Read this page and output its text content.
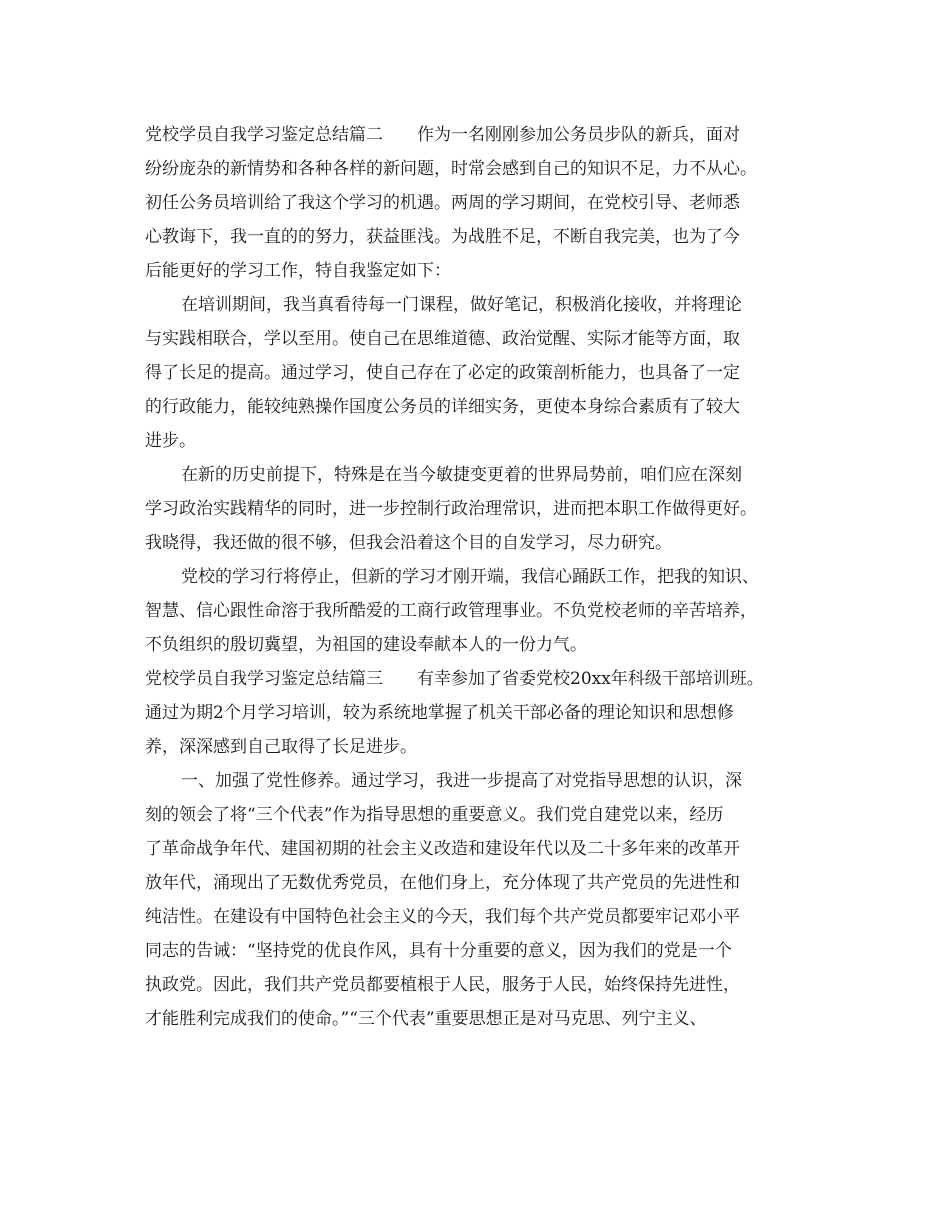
党校学员自我学习鉴定总结篇二　　作为一名刚刚参加公务员步队的新兵，面对
纷纷庞杂的新情势和各种各样的新问题，时常会感到自己的知识不足，力不从心。
初任公务员培训给了我这个学习的机遇。两周的学习期间，在党校引导、老师悉
心教诲下，我一直的的努力，获益匪浅。为战胜不足，不断自我完美，也为了今
后能更好的学习工作，特自我鉴定如下：
在培训期间，我当真看待每一门课程，做好笔记，积极消化接收，并将理论
与实践相联合，学以至用。使自己在思维道德、政治觉醒、实际才能等方面，取
得了长足的提高。通过学习，使自己存在了必定的政策剖析能力，也具备了一定
的行政能力，能较纯熟操作国度公务员的详细实务，更使本身综合素质有了较大
进步。
在新的历史前提下，特殊是在当今敏捷变更着的世界局势前，咱们应在深刻
学习政治实践精华的同时，进一步控制行政治理常识，进而把本职工作做得更好。
我晓得，我还做的很不够，但我会沿着这个目的自发学习，尽力研究。
党校的学习行将停止，但新的学习才刚开端，我信心踊跃工作，把我的知识、
智慧、信心跟性命溶于我所酷爱的工商行政管理事业。不负党校老师的辛苦培养，
不负组织的殷切冀望，为祖国的建设奉献本人的一份力气。
党校学员自我学习鉴定总结篇三　　有幸参加了省委党校20xx年科级干部培训班。
通过为期2个月学习培训，较为系统地掌握了机关干部必备的理论知识和思想修
养，深深感到自己取得了长足进步。
一、加强了党性修养。通过学习，我进一步提高了对党指导思想的认识，深
刻的领会了将“三个代表”作为指导思想的重要意义。我们党自建党以来，经历
了革命战争年代、建国初期的社会主义改造和建设年代以及二十多年来的改革开
放年代，涌现出了无数优秀党员，在他们身上，充分体现了共产党员的先进性和
纯洁性。在建设有中国特色社会主义的今天，我们每个共产党员都要牢记邓小平
同志的告诫：“坚持党的优良作风，具有十分重要的意义，因为我们的党是一个
执政党。因此，我们共产党员都要植根于人民，服务于人民，始终保持先进性，
才能胜利完成我们的使命。”“三个代表”重要思想正是对马克思、列宁主义、
